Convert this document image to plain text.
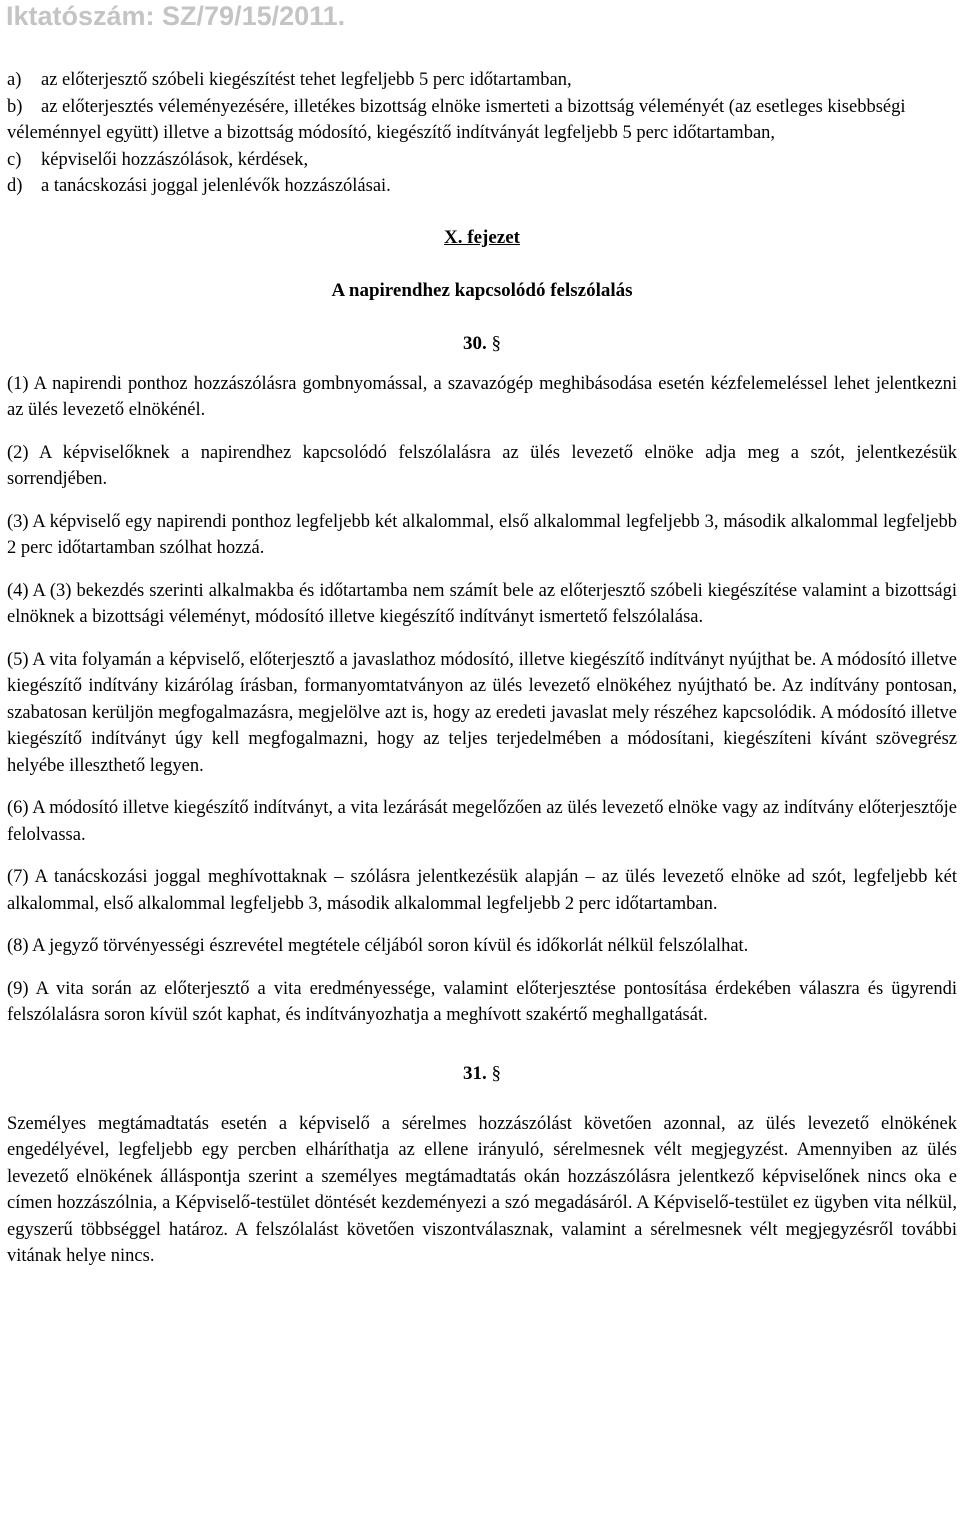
Iktatószám: SZ/79/15/2011.

a)	az előterjesztő szóbeli kiegészítést tehet legfeljebb 5 perc időtartamban,
b) az előterjesztés véleményezésére, illetékes bizottság elnöke ismerteti a bizottság véleményét (az esetleges kisebbségi véleménnyel együtt) illetve a bizottság módosító, kiegészítő indítványát legfeljebb 5 perc időtartamban,
c)	képviselői hozzászólások, kérdések,
d)	a tanácskozási joggal jelenlévők hozzászólásai.

X. fejezet

A napirendhez kapcsolódó felszólalás

30. §

(1) A napirendi ponthoz hozzászólásra gombnyomással, a szavazógép meghibásodása esetén kézfelemeléssel lehet jelentkezni az ülés levezető elnökénél.

(2) A képviselőknek a napirendhez kapcsolódó felszólalásra az ülés levezető elnöke adja meg a szót, jelentkezésük sorrendjében.

(3) A képviselő egy napirendi ponthoz legfeljebb két alkalommal, első alkalommal legfeljebb 3, második alkalommal legfeljebb 2 perc időtartamban szólhat hozzá.

(4) A (3) bekezdés szerinti alkalmakba és időtartamba nem számít bele az előterjesztő szóbeli kiegészítése valamint a bizottsági elnöknek a bizottsági véleményt, módosító illetve kiegészítő indítványt ismertető felszólalása.

(5) A vita folyamán a képviselő, előterjesztő a javaslathoz módosító, illetve kiegészítő indítványt nyújthat be. A módosító illetve kiegészítő indítvány kizárólag írásban, formanyomtatványon az ülés levezető elnökéhez nyújtható be. Az indítvány pontosan, szabatosan kerüljön megfogalmazásra, megjelölve azt is, hogy az eredeti javaslat mely részéhez kapcsolódik. A módosító illetve kiegészítő indítványt úgy kell megfogalmazni, hogy az teljes terjedelmében a módosítani, kiegészíteni kívánt szövegrész helyébe illeszthető legyen.

(6) A módosító illetve kiegészítő indítványt, a vita lezárását megelőzően az ülés levezető elnöke vagy az indítvány előterjesztője felolvassa.

(7) A tanácskozási joggal meghívottaknak – szólásra jelentkezésük alapján – az ülés levezető elnöke ad szót, legfeljebb két alkalommal, első alkalommal legfeljebb 3, második alkalommal legfeljebb 2 perc időtartamban.

(8) A jegyző törvényességi észrevétel megtétele céljából soron kívül és időkorlát nélkül felszólalhat.

(9) A vita során az előterjesztő a vita eredményessége, valamint előterjesztése pontosítása érdekében válaszra és ügyrendi felszólalásra soron kívül szót kaphat, és indítványozhatja a meghívott szakértő meghallgatását.

31. §

Személyes megtámadtatás esetén a képviselő a sérelmes hozzászólást követően azonnal, az ülés levezető elnökének engedélyével, legfeljebb egy percben elháríthatja az ellene irányuló, sérelmesnek vélt megjegyzést. Amennyiben az ülés levezető elnökének álláspontja szerint a személyes megtámadtatás okán hozzászólásra jelentkező képviselőnek nincs oka e címen hozzászólnia, a Képviselő-testület döntését kezdeményezi a szó megadásáról. A Képviselő-testület ez ügyben vita nélkül, egyszerű többséggel határoz. A felszólalást követően viszontválasznak, valamint a sérelmesnek vélt megjegyzésről további vitának helye nincs.
